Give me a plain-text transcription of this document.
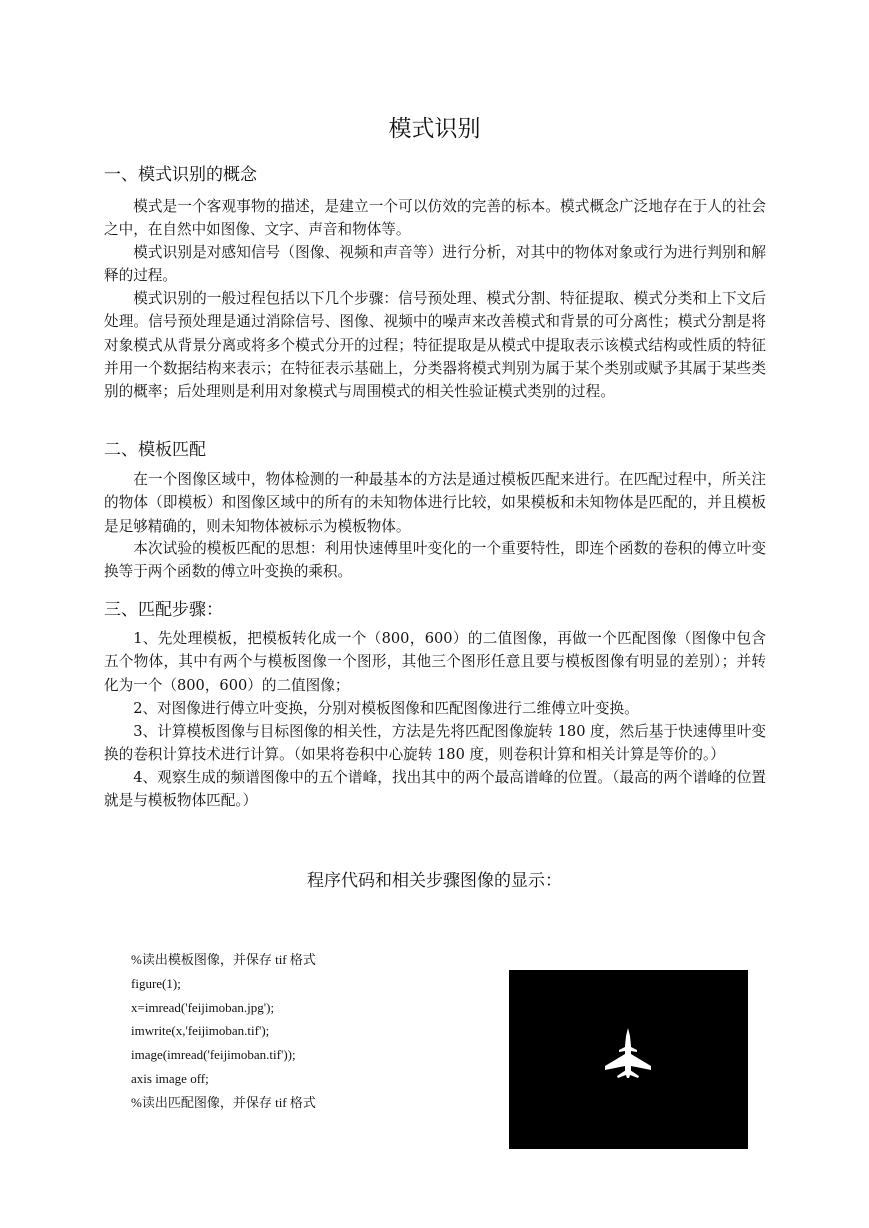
模式识别
一、模式识别的概念

模式是一个客观事物的描述，是建立一个可以仿效的完善的标本。模式概念广泛地存在于人的社会之中，在自然中如图像、文字、声音和物体等。

模式识别是对感知信号（图像、视频和声音等）进行分析，对其中的物体对象或行为进行判别和解释的过程。

模式识别的一般过程包括以下几个步骤：信号预处理、模式分割、特征提取、模式分类和上下文后处理。信号预处理是通过消除信号、图像、视频中的噪声来改善模式和背景的可分离性；模式分割是将对象模式从背景分离或将多个模式分开的过程；特征提取是从模式中提取表示该模式结构或性质的特征并用一个数据结构来表示；在特征表示基础上，分类器将模式判别为属于某个类别或赋予其属于某些类别的概率；后处理则是利用对象模式与周围模式的相关性验证模式类别的过程。

二、模板匹配

在一个图像区域中，物体检测的一种最基本的方法是通过模板匹配来进行。在匹配过程中，所关注的物体（即模板）和图像区域中的所有的未知物体进行比较，如果模板和未知物体是匹配的，并且模板是足够精确的，则未知物体被标示为模板物体。

本次试验的模板匹配的思想：利用快速傅里叶变化的一个重要特性，即连个函数的卷积的傅立叶变换等于两个函数的傅立叶变换的乘积。

三、匹配步骤：

1、先处理模板，把模板转化成一个（800，600）的二值图像，再做一个匹配图像（图像中包含五个物体，其中有两个与模板图像一个图形，其他三个图形任意且要与模板图像有明显的差别）；并转化为一个（800，600）的二值图像；

2、对图像进行傅立叶变换，分别对模板图像和匹配图像进行二维傅立叶变换。

3、计算模板图像与目标图像的相关性，方法是先将匹配图像旋转 180 度，然后基于快速傅里叶变换的卷积计算技术进行计算。（如果将卷积中心旋转 180 度，则卷积计算和相关计算是等价的。）

4、观察生成的频谱图像中的五个谱峰，找出其中的两个最高谱峰的位置。（最高的两个谱峰的位置就是与模板物体匹配。）

程序代码和相关步骤图像的显示：
%读出模板图像，并保存 tif 格式
figure(1);
x=imread('feijimoban.jpg');
imwrite(x,'feijimoban.tif');
image(imread('feijimoban.tif'));
axis image off;
%读出匹配图像，并保存 tif 格式
